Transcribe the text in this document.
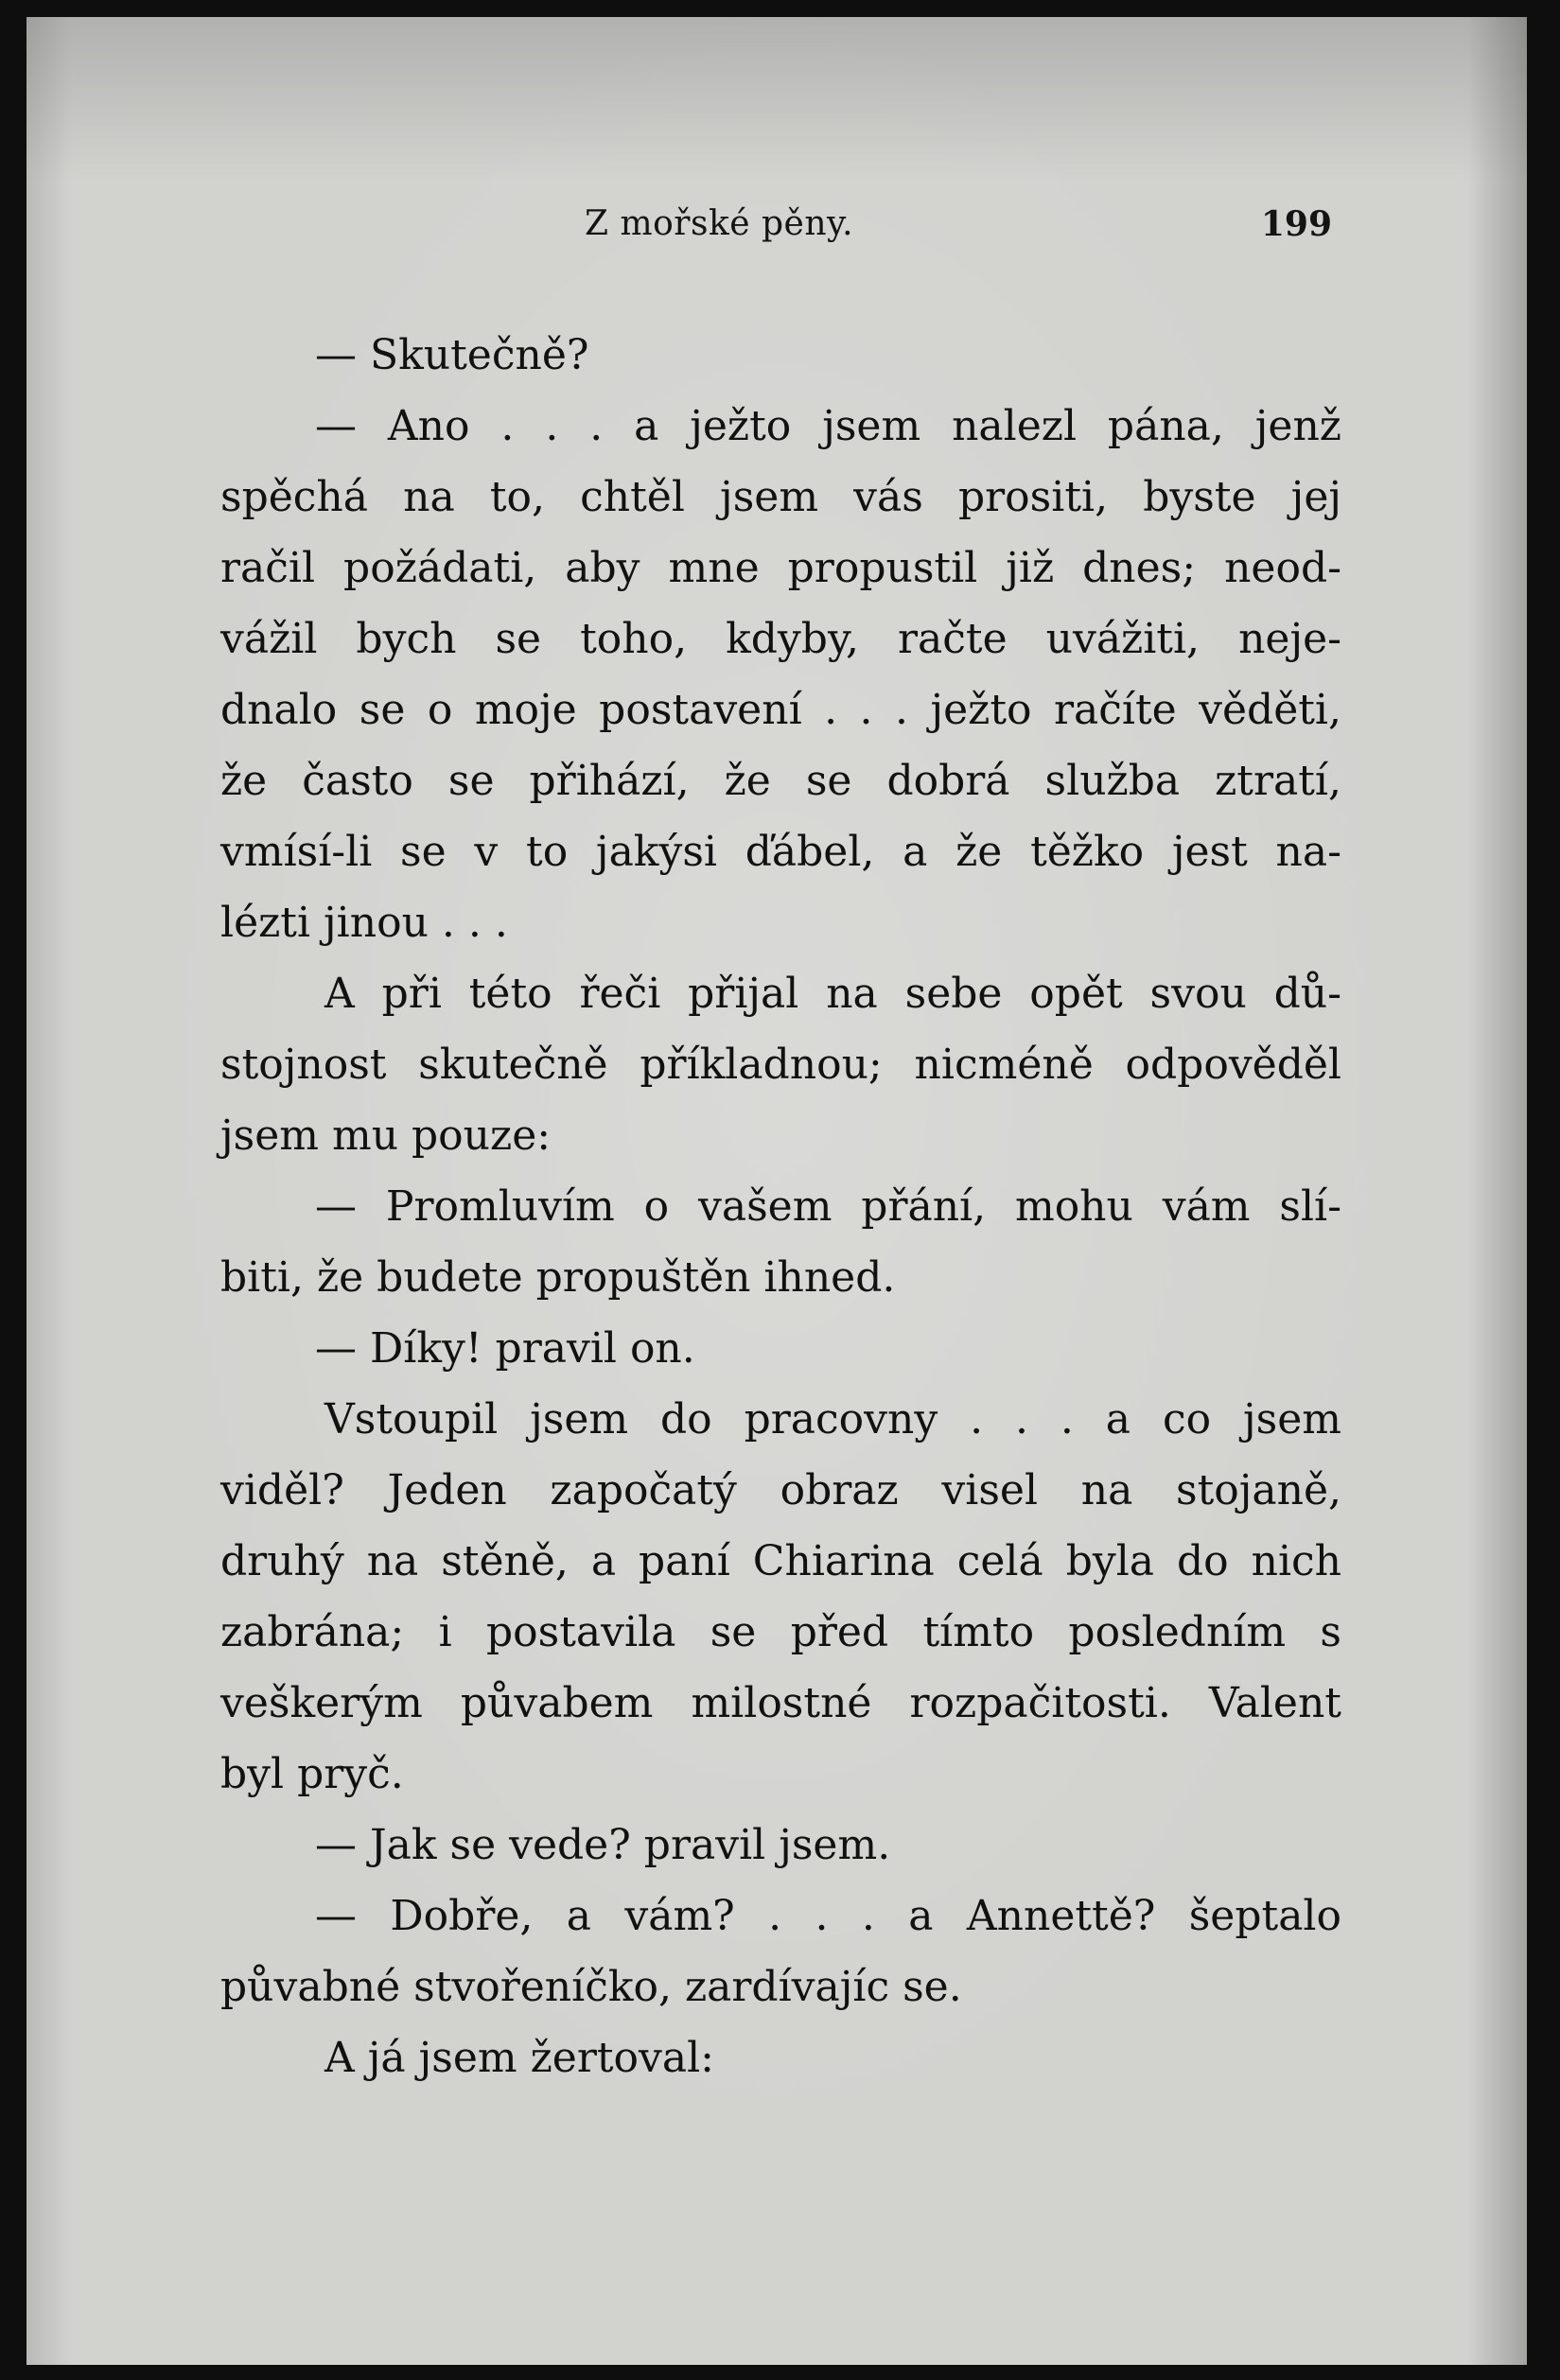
Z mořské pěny.	199
— Skutečně?
— Ano . . . a ježto jsem nalezl pána, jenž
spěchá na to, chtěl jsem vás prositi, byste jej
račil požádati, aby mne propustil již dnes; neod-
vážil bych se toho, kdyby, račte uvážiti, neje-
dnalo se o moje postavení . . . ježto račíte věděti,
že často se přihází, že se dobrá služba ztratí,
vmísí-li se v to jakýsi ďábel, a že těžko jest na-
lézti jinou . . .
A při této řeči přijal na sebe opět svou dů-
stojnost skutečně příkladnou; nicméně odpověděl
jsem mu pouze:
— Promluvím o vašem přání, mohu vám slí-
biti, že budete propuštěn ihned.
— Díky! pravil on.
Vstoupil jsem do pracovny . . . a co jsem
viděl? Jeden započatý obraz visel na stojaně,
druhý na stěně, a paní Chiarina celá byla do nich
zabrána; i postavila se před tímto posledním s
veškerým půvabem milostné rozpačitosti. Valent
byl pryč.
— Jak se vede? pravil jsem.
— Dobře, a vám? . . . a Annettě? šeptalo
půvabné stvořeníčko, zardívajíc se.
A já jsem žertoval:
